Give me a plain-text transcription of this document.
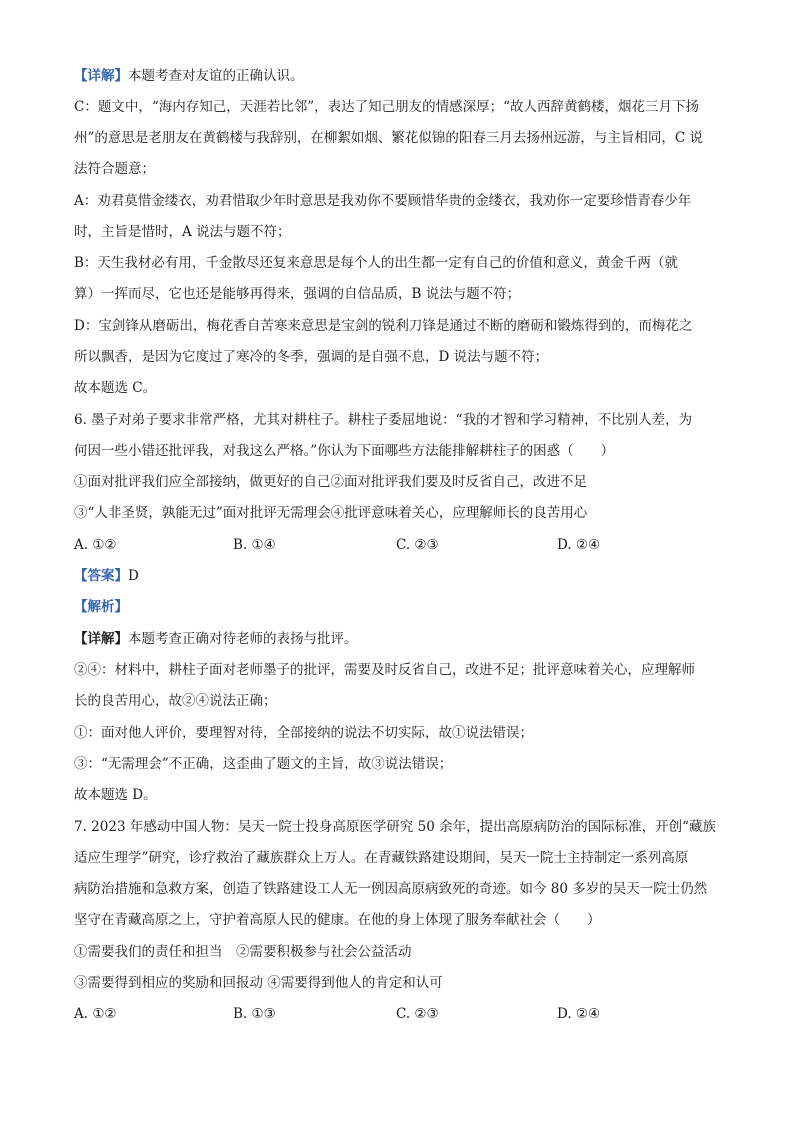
【详解】本题考查对友谊的正确认识。
C：题文中，“海内存知己，天涯若比邻”，表达了知己朋友的情感深厚；“故人西辞黄鹤楼，烟花三月下扬
州”的意思是老朋友在黄鹤楼与我辞别，在柳絮如烟、繁花似锦的阳春三月去扬州远游，与主旨相同，C 说
法符合题意；
A：劝君莫惜金缕衣，劝君惜取少年时意思是我劝你不要顾惜华贵的金缕衣，我劝你一定要珍惜青春少年
时，主旨是惜时，A 说法与题不符；
B：天生我材必有用，千金散尽还复来意思是每个人的出生都一定有自己的价值和意义，黄金千两（就
算）一挥而尽，它也还是能够再得来，强调的自信品质，B 说法与题不符；
D：宝剑锋从磨砺出，梅花香自苦寒来意思是宝剑的锐利刀锋是通过不断的磨砺和锻炼得到的，而梅花之
所以飘香，是因为它度过了寒冷的冬季，强调的是自强不息，D 说法与题不符；
故本题选 C。
6. 墨子对弟子要求非常严格，尤其对耕柱子。耕柱子委屈地说：“我的才智和学习精神，不比别人差，为
何因一些小错还批评我，对我这么严格。”你认为下面哪些方法能排解耕柱子的困惑（　　）
①面对批评我们应全部接纳，做更好的自己②面对批评我们要及时反省自己，改进不足
③“人非圣贤，孰能无过”面对批评无需理会④批评意味着关心，应理解师长的良苦用心
A. ①②	B. ①④	C. ②③	D. ②④
【答案】D
【解析】
【详解】本题考查正确对待老师的表扬与批评。
②④：材料中，耕柱子面对老师墨子的批评，需要及时反省自己，改进不足；批评意味着关心，应理解师
长的良苦用心，故②④说法正确；
①：面对他人评价，要理智对待，全部接纳的说法不切实际，故①说法错误；
③：“无需理会”不正确，这歪曲了题文的主旨，故③说法错误；
故本题选 D。
7. 2023 年感动中国人物：吴天一院士投身高原医学研究 50 余年，提出高原病防治的国际标准，开创“藏族
适应生理学”研究，诊疗救治了藏族群众上万人。在青藏铁路建设期间，吴天一院士主持制定一系列高原
病防治措施和急救方案，创造了铁路建设工人无一例因高原病致死的奇迹。如今 80 多岁的吴天一院士仍然
坚守在青藏高原之上，守护着高原人民的健康。在他的身上体现了服务奉献社会（　　）
①需要我们的责任和担当　②需要积极参与社会公益活动
③需要得到相应的奖励和回报动 ④需要得到他人的肯定和认可
A. ①②	B. ①③	C. ②③	D. ②④
